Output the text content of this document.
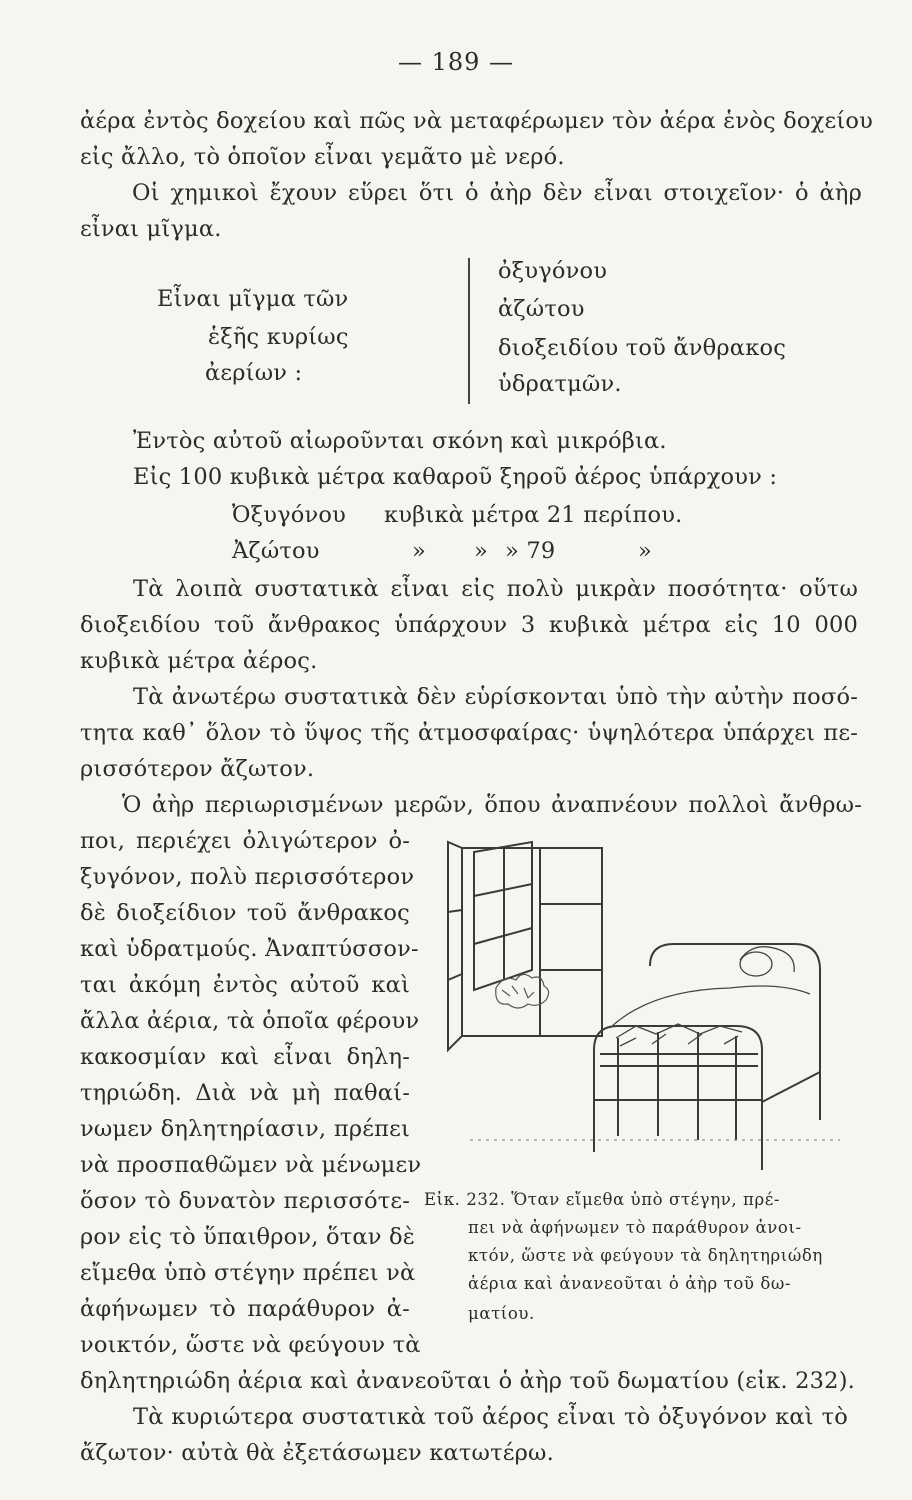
— 189 —
ἀέρα ἐντὸς δοχείου καὶ πῶς νὰ μεταφέρωμεν τὸν ἀέρα ἑνὸς δοχείου
εἰς ἄλλο, τὸ ὁποῖον εἶναι γεμᾶτο μὲ νερό.
Οἱ χημικοὶ ἔχουν εὕρει ὅτι ὁ ἀὴρ δὲν εἶναι στοιχεῖον· ὁ ἀὴρ
εἶναι μῖγμα.
Εἶναι μῖγμα τῶν
ἑξῆς κυρίως
ἀερίων :
ὀξυγόνου
ἀζώτου
διοξειδίου τοῦ ἄνθρακος
ὑδρατμῶν.
Ἐντὸς αὐτοῦ αἰωροῦνται σκόνη καὶ μικρόβια.
Εἰς 100 κυβικὰ μέτρα καθαροῦ ξηροῦ ἀέρος ὑπάρχουν :
Ὀξυγόνου κυβικὰ μέτρα 21 περίπου.
Ἀζώτου	» » » 79	»
Τὰ λοιπὰ συστατικὰ εἶναι εἰς πολὺ μικρὰν ποσότητα· οὕτω
διοξειδίου τοῦ ἄνθρακος ὑπάρχουν 3 κυβικὰ μέτρα εἰς 10 000
κυβικὰ μέτρα ἀέρος.
Τὰ ἀνωτέρω συστατικὰ δὲν εὑρίσκονται ὑπὸ τὴν αὐτὴν ποσό-
τητα καθ᾽ ὅλον τὸ ὕψος τῆς ἀτμοσφαίρας· ὑψηλότερα ὑπάρχει πε-
ρισσότερον ἄζωτον.
Ὁ ἀὴρ περιωρισμένων μερῶν, ὅπου ἀναπνέουν πολλοὶ ἄνθρω-
ποι, περιέχει ὀλιγώτερον ὀ-
ξυγόνον, πολὺ περισσότερον
δὲ διοξείδιον τοῦ ἄνθρακος
καὶ ὑδρατμούς. Ἀναπτύσσον-
ται ἀκόμη ἐντὸς αὐτοῦ καὶ
ἄλλα ἀέρια, τὰ ὁποῖα φέρουν
κακοσμίαν καὶ εἶναι δηλη-
τηριώδη. Διὰ νὰ μὴ παθαί-
νωμεν δηλητηρίασιν, πρέπει
νὰ προσπαθῶμεν νὰ μένωμεν
ὅσον τὸ δυνατὸν περισσότε-
ρον εἰς τὸ ὕπαιθρον, ὅταν δὲ
εἴμεθα ὑπὸ στέγην πρέπει νὰ
ἀφήνωμεν τὸ παράθυρον ἀ-
νοικτόν, ὥστε νὰ φεύγουν τὰ
δηλητηριώδη ἀέρια καὶ ἀνανεοῦται ὁ ἀὴρ τοῦ δωματίου (εἰκ. 232).
Εἰκ. 232. Ὅταν εἴμεθα ὑπὸ στέγην, πρέ-
πει νὰ ἀφήνωμεν τὸ παράθυρον ἀνοι-
κτόν, ὥστε νὰ φεύγουν τὰ δηλητηριώδη
ἀέρια καὶ ἀνανεοῦται ὁ ἀὴρ τοῦ δω-
ματίου.
Τὰ κυριώτερα συστατικὰ τοῦ ἀέρος εἶναι τὸ ὀξυγόνον καὶ τὸ
ἄζωτον· αὐτὰ θὰ ἐξετάσωμεν κατωτέρω.
